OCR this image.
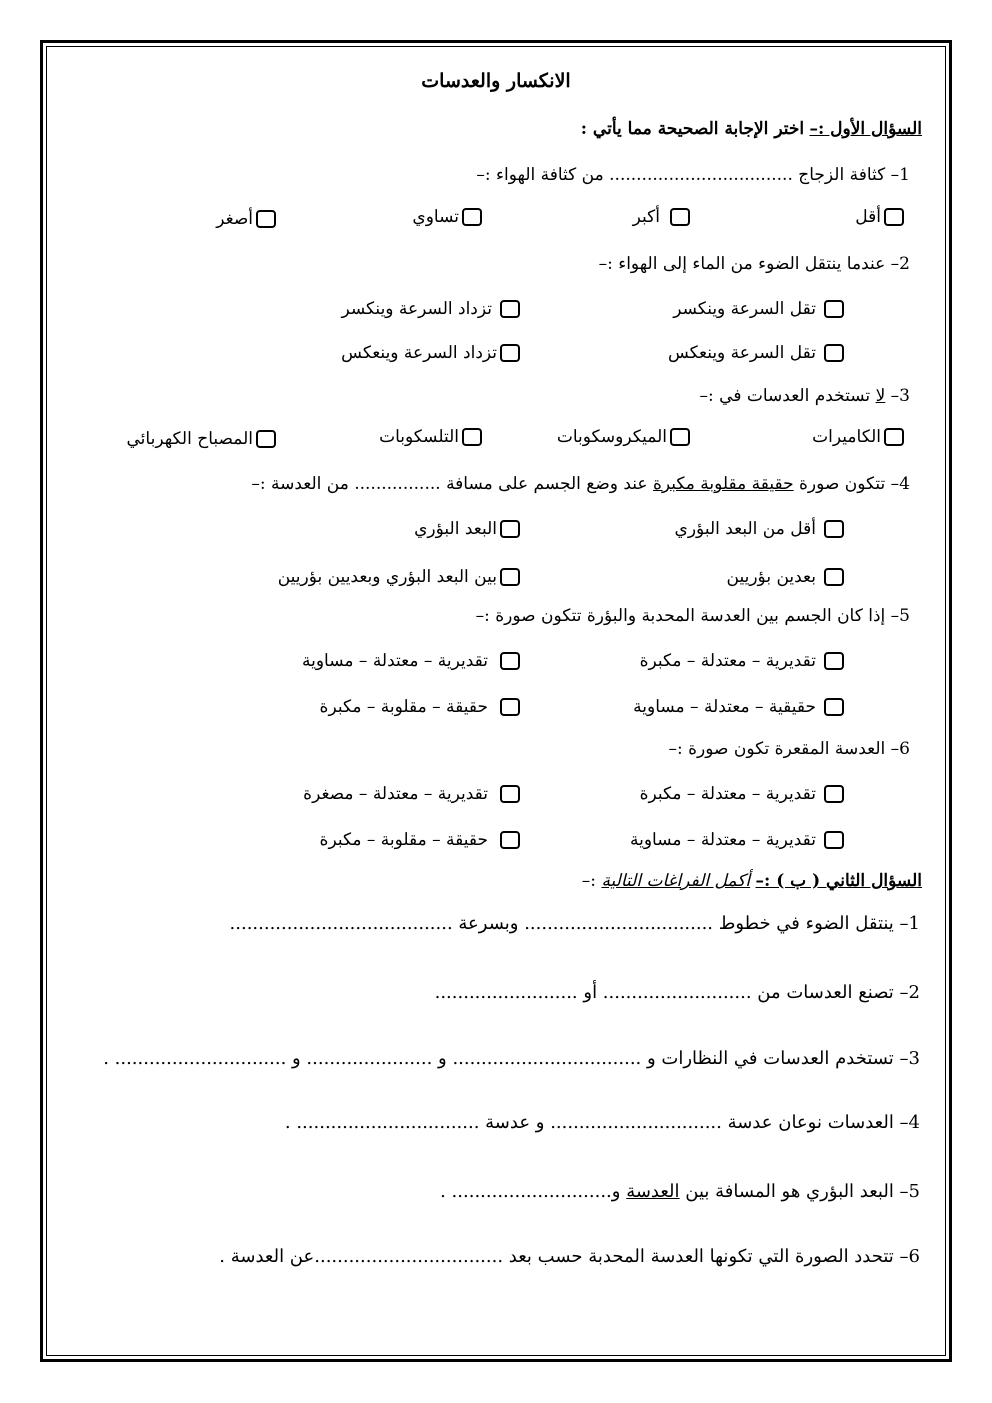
الانكسار والعدسات
السؤال الأول :– اختر الإجابة الصحيحة مما يأتي :
1– كثافة الزجاج .................................. من كثافة الهواء :–
أقل
أكبر
تساوي
أصغر
2– عندما ينتقل الضوء من الماء إلى الهواء :–
تقل السرعة وينكسر
تزداد السرعة وينكسر
تقل السرعة وينعكس
تزداد السرعة وينعكس
3– لا تستخدم العدسات في :–
الكاميرات
الميكروسكوبات
التلسكوبات
المصباح الكهربائي
4– تتكون صورة حقيقة مقلوبة مكبرة عند وضع الجسم على مسافة ................ من العدسة :–
أقل من البعد البؤري
البعد البؤري
بعدين بؤريين
بين البعد البؤري وبعديين بؤريين
5– إذا كان الجسم بين العدسة المحدبة والبؤرة تتكون صورة :–
تقديرية – معتدلة – مكبرة
تقديرية – معتدلة – مساوية
حقيقية – معتدلة – مساوية
حقيقة – مقلوبة – مكبرة
6– العدسة المقعرة تكون صورة :–
تقديرية – معتدلة – مكبرة
تقديرية – معتدلة – مصغرة
تقديرية – معتدلة – مساوية
حقيقة – مقلوبة – مكبرة
السؤال الثاني ( ب ) :– أكمل الفراغات التالية :–
1– ينتقل الضوء في خطوط ................................. وبسرعة .......................................
2– تصنع العدسات من .......................... أو .........................
3– تستخدم العدسات في النظارات و ................................. و ...................... و .............................. .
4– العدسات نوعان عدسة .............................. و عدسة ................................ .
5– البعد البؤري هو المسافة بين العدسة و............................ .
6– تتحدد الصورة التي تكونها العدسة المحدبة حسب بعد .................................عن العدسة .
